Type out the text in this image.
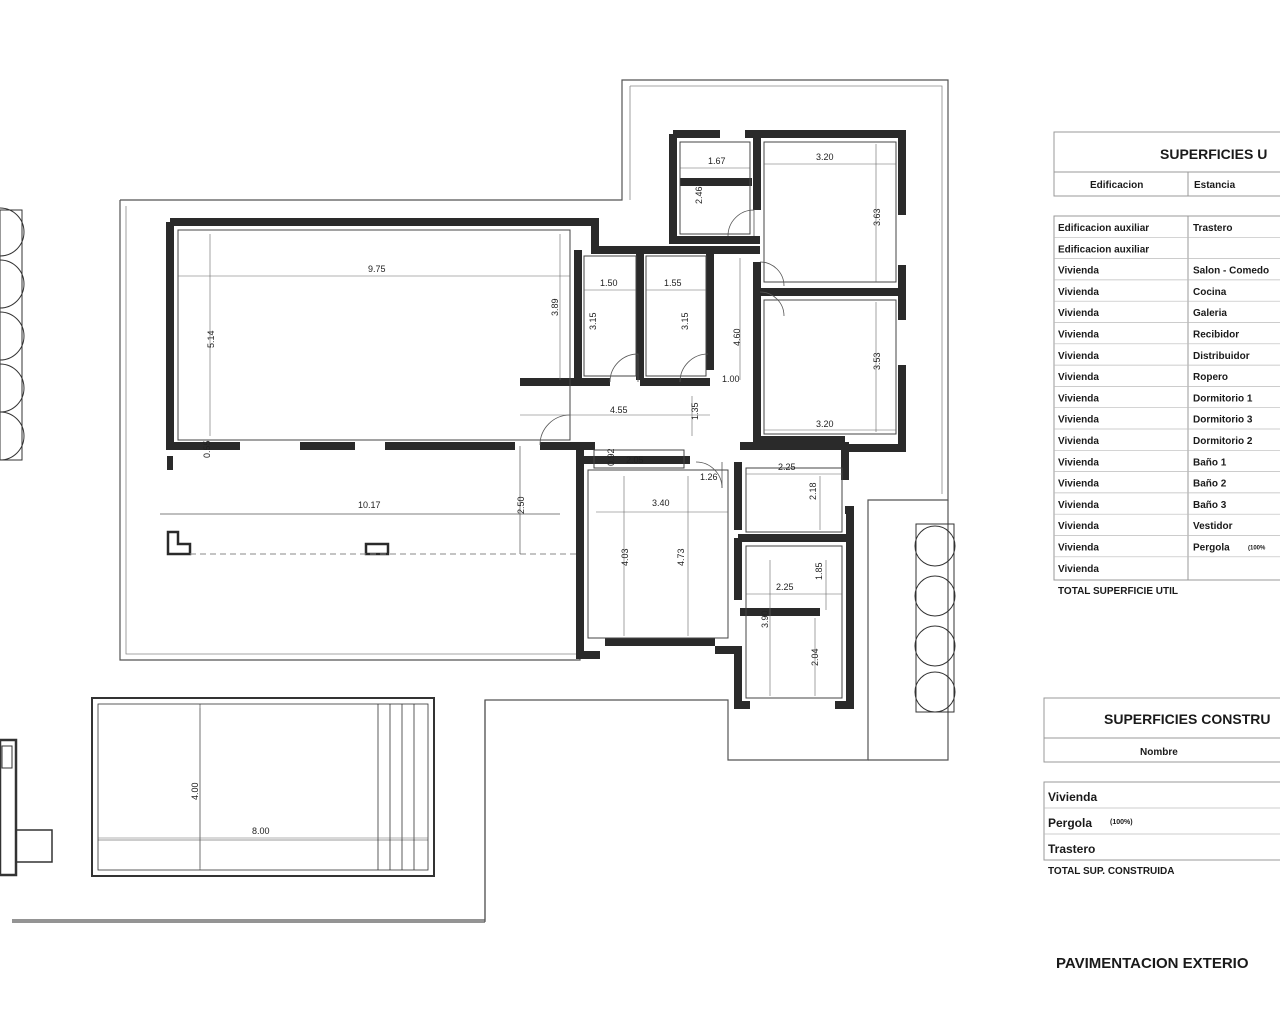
9.75
5.14
3.89
1.50
3.15
1.55
3.15
4.60
1.00
4.55	1.35
1.67
2.46
3.20
3.63
3.53
3.20
10.17	2.50
0.55	0.92 2.05
1.26
2.25
2.18
3.40
4.03	4.73
2.25
1.85
3.90
2.04
4.00
8.00
SUPERFICIES U
Edificacion	Estancia
Edificacion auxiliar	Trastero
Edificacion auxiliar
Vivienda	Salon - Comedo
Vivienda	Cocina
Vivienda	Galeria
Vivienda	Recibidor
Vivienda	Distribuidor
Vivienda	Ropero
Vivienda	Dormitorio 1
Vivienda	Dormitorio 3
Vivienda	Dormitorio 2
Vivienda	Baño 1
Vivienda	Baño 2
Vivienda	Baño 3
Vivienda	Vestidor
Vivienda	Pergola	(100%
Vivienda
TOTAL SUPERFICIE UTIL
SUPERFICIES CONSTRU
Nombre
Vivienda
Pergola	(100%)
Trastero
TOTAL SUP. CONSTRUIDA
PAVIMENTACION EXTERIO
